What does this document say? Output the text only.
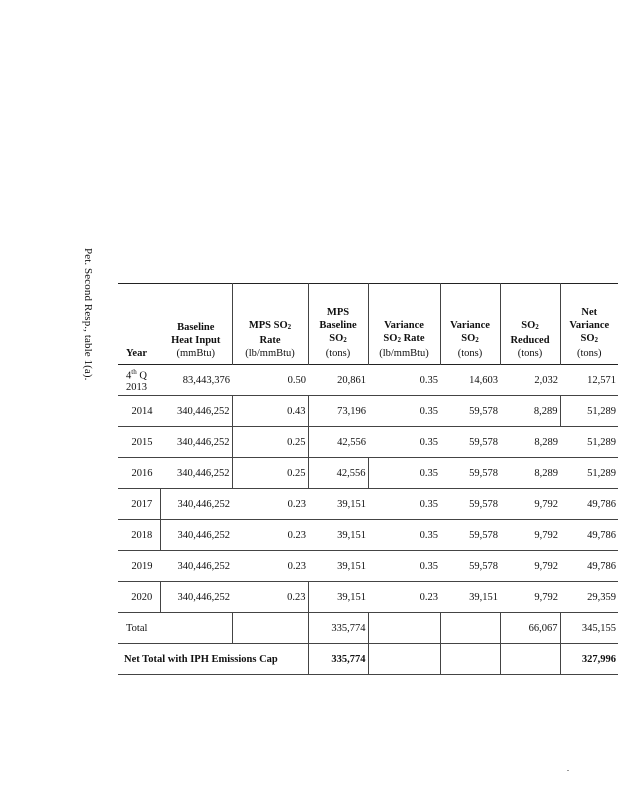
Pet. Second Resp., table 1(a).	Year	Baseline
Heat Input
(mmBtu)	MPS $SO_2$
Rate
(lb/mmBtu)	MPS
Baseline
$SO_2$
(tons)	Variance
$SO_2$ Rate
(lb/mmBtu)	Variance
$SO_2$
(tons)	$SO_2$
Reduced
(tons)	Net
Variance
$SO_2$
(tons)
4th Q
2013	83,443,376	0.50	20,861	0.35	14,603	2,032	12,571
2014	340,446,252	0.43	73,196	0.35	59,578	8,289	51,289
2015	340,446,252	0.25	42,556	0.35	59,578	8,289	51,289
2016	340,446,252	0.25	42,556	0.35	59,578	8,289	51,289
2017	340,446,252	0.23	39,151	0.35	59,578	9,792	49,786
2018	340,446,252	0.23	39,151	0.35	59,578	9,792	49,786
2019	340,446,252	0.23	39,151	0.35	59,578	9,792	49,786
2020	340,446,252	0.23	39,151	0.23	39,151	9,792	29,359
Total			335,774			66,067	345,155
Net Total with IPH Emissions Cap			335,774				327,996
